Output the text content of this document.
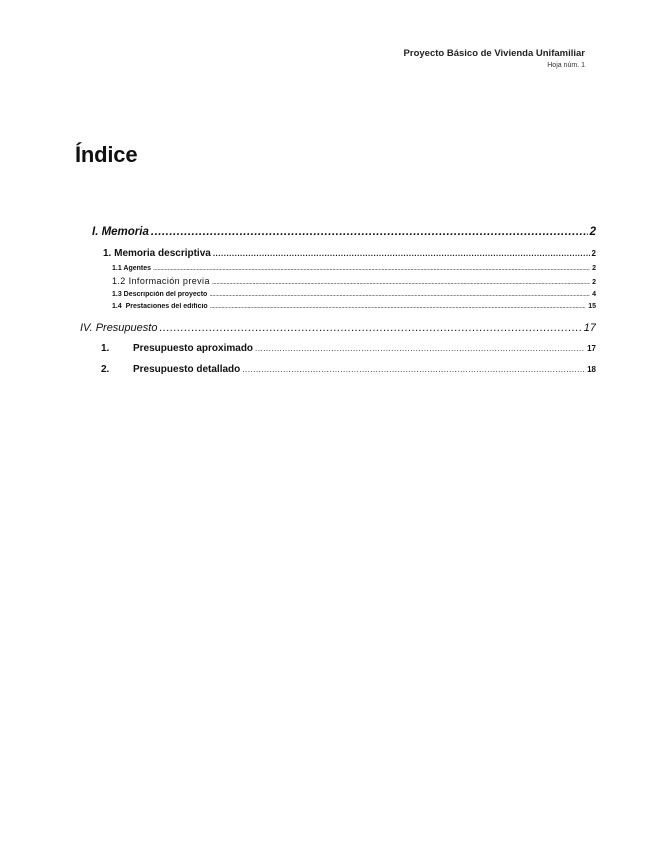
Proyecto Básico de Vivienda Unifamiliar
Hoja núm. 1
Índice
I. Memoria .....	2
1. Memoria descriptiva .....	2
1.1 Agentes .....	2
1.2 Información previa .....	2
1.3 Descripción del proyecto .....	4
1.4  Prestaciones del edificio .....	15
IV. Presupuesto .....	17
1. Presupuesto aproximado .....	17
2. Presupuesto detallado .....	18
